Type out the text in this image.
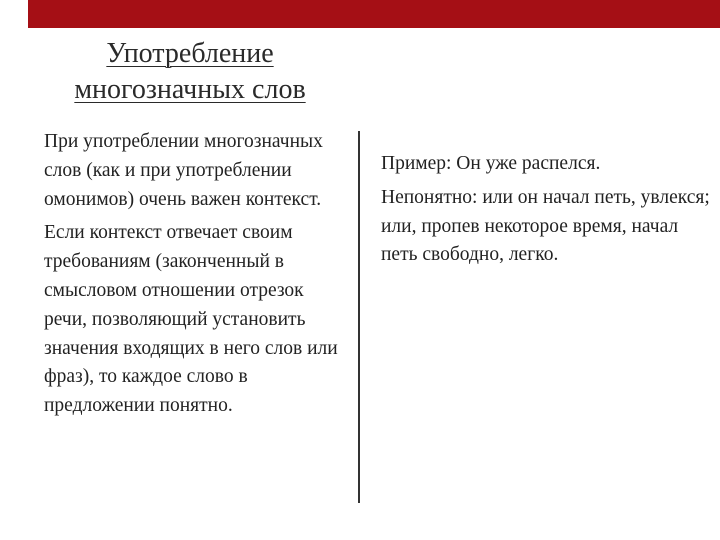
Употребление
многозначных слов

При употреблении многозначных слов (как и при употреблении омонимов) очень важен контекст.

Если контекст отвечает своим требованиям (законченный в смысловом отношении отрезок речи, позволяющий установить значения входящих в него слов или фраз), то каждое слово в предложении понятно.

Пример: Он уже распелся.

Непонятно: или он начал петь, увлекся; или, пропев некоторое время, начал петь свободно, легко.
